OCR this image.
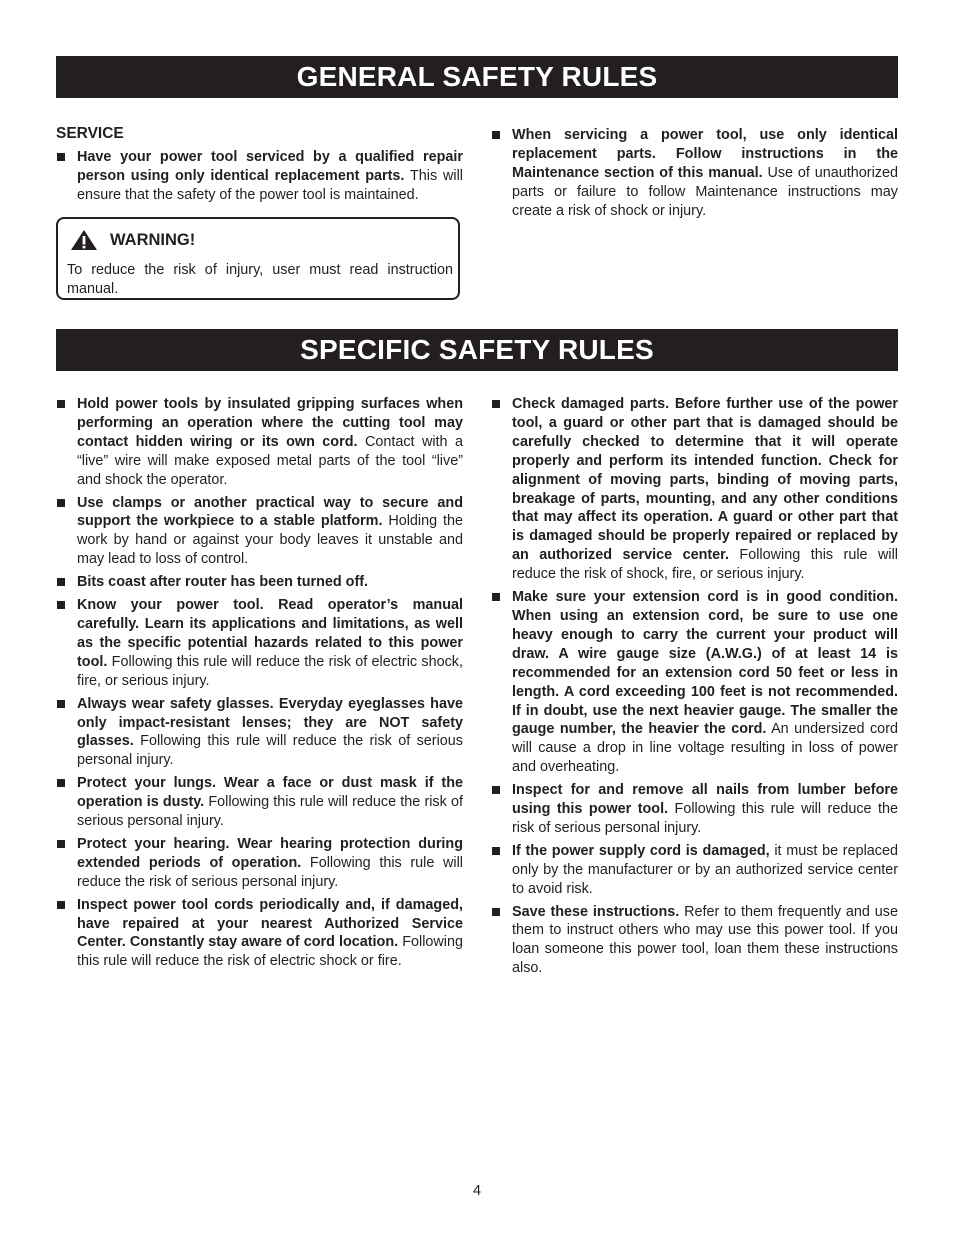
GENERAL SAFETY RULES
SERVICE
Have your power tool serviced by a qualified repair person using only identical replacement parts. This will ensure that the safety of the power tool is maintained.
WARNING!
To reduce the risk of injury, user must read instruction manual.
When servicing a power tool, use only identical replacement parts. Follow instructions in the Maintenance section of this manual. Use of unauthorized parts or failure to follow Maintenance instructions may create a risk of shock or injury.
SPECIFIC SAFETY RULES
Hold power tools by insulated gripping surfaces when performing an operation where the cutting tool may contact hidden wiring or its own cord. Contact with a “live” wire will make exposed metal parts of the tool “live” and shock the operator.
Use clamps or another practical way to secure and support the workpiece to a stable platform. Holding the work by hand or against your body leaves it unstable and may lead to loss of control.
Bits coast after router has been turned off.
Know your power tool. Read operator’s manual carefully. Learn its applications and limitations, as well as the specific potential hazards related to this power tool. Following this rule will reduce the risk of electric shock, fire, or serious injury.
Always wear safety glasses. Everyday eyeglasses have only impact-resistant lenses; they are NOT safety glasses. Following this rule will reduce the risk of serious personal injury.
Protect your lungs. Wear a face or dust mask if the operation is dusty. Following this rule will reduce the risk of serious personal injury.
Protect your hearing. Wear hearing protection during extended periods of operation. Following this rule will reduce the risk of serious personal injury.
Inspect power tool cords periodically and, if damaged, have repaired at your nearest Authorized Service Center. Constantly stay aware of cord location. Following this rule will reduce the risk of electric shock or fire.
Check damaged parts. Before further use of the power tool, a guard or other part that is damaged should be carefully checked to determine that it will operate properly and perform its intended function. Check for alignment of moving parts, binding of moving parts, breakage of parts, mounting, and any other conditions that may affect its operation. A guard or other part that is damaged should be properly repaired or replaced by an authorized service center. Following this rule will reduce the risk of shock, fire, or serious injury.
Make sure your extension cord is in good condition. When using an extension cord, be sure to use one heavy enough to carry the current your product will draw. A wire gauge size (A.W.G.) of at least 14 is recommended for an extension cord 50 feet or less in length. A cord exceeding 100 feet is not recommended. If in doubt, use the next heavier gauge. The smaller the gauge number, the heavier the cord. An undersized cord will cause a drop in line voltage resulting in loss of power and overheating.
Inspect for and remove all nails from lumber before using this power tool. Following this rule will reduce the risk of serious personal injury.
If the power supply cord is damaged, it must be replaced only by the manufacturer or by an authorized service center to avoid risk.
Save these instructions. Refer to them frequently and use them to instruct others who may use this power tool. If you loan someone this power tool, loan them these instructions also.
4
